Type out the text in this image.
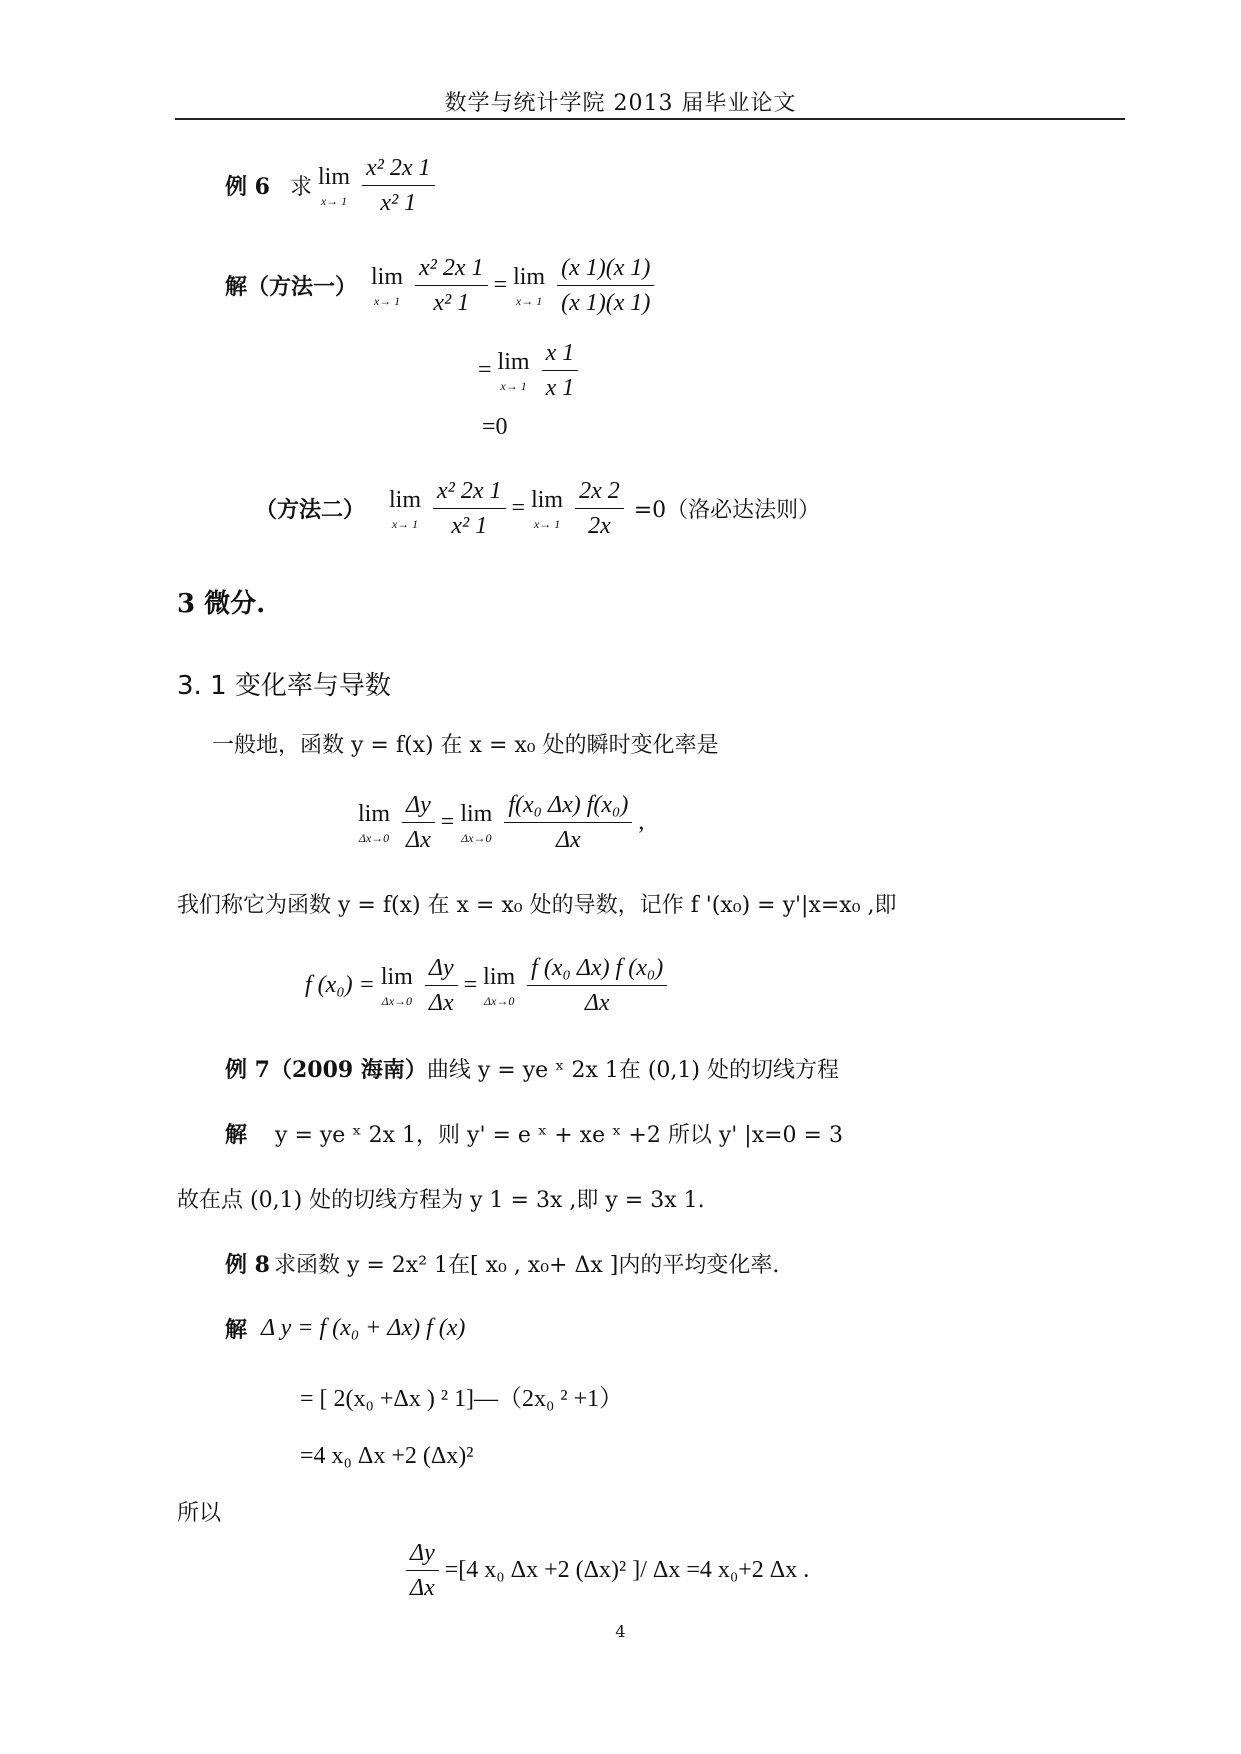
数学与统计学院 2013 届毕业论文
例 6 求 lim
$x\to 1 \frac{\text{x² 2x 1}}{\text{x² 1}}$
解（方法一） lim
$x\to 1 \frac{\text{x² 2x 1}}{\text{x² 1}} = \lim$
$x\to 1 \frac{(x 1)(x 1)}{(x 1)(x 1)}$
= lim
$x\to 1 \frac{x 1}{x 1}$
=0
（方法二） lim
$x\to 1 \frac{\text{x² 2x 1}}{\text{x² 1}} = \lim$
$x\to 1 \frac{2x 2}{2x} =0$（洛必达法则）
3 微分.
3. 1 变化率与导数
一般地，函数 y = f(x) 在 x = x₀ 处的瞬时变化率是
lim
$\Delta x\to 0 \frac{\Delta y}{\Delta x} = \lim$
$\Delta x\to 0 \frac{\text{f(x₀ Δx) f(x₀)}}{\Delta x}$ ,
我们称它为函数 y = f(x) 在 x = x₀ 处的导数，记作 f '(x₀) = y'|x=x₀ ,即
f (x₀) = lim
$\Delta x\to 0 \frac{\Delta y}{\Delta x} = \lim$
$\Delta x\to 0 \frac{\text{f (x₀ Δx) f (x₀)}}{\Delta x}$
例 7（2009 海南） 曲线 y = ye ˣ 2x 1在 (0,1) 处的切线方程
解 y = ye ˣ 2x 1，则 y' = e ˣ + xe ˣ +2 所以 y' |x=0 = 3
故在点 (0,1) 处的切线方程为 y 1 = 3x ,即 y = 3x 1.
例 8 求函数 y = 2x² 1在[ x₀ , x₀+ Δx ]内的平均变化率.
解 Δ y = f (x₀ + Δx) f (x)
= [ 2(x₀ +Δx ) ² 1]—（2x₀ ² +1）
=4 x₀ Δx +2 (Δx)²
所以
$\frac{\Delta y}{\Delta x} =[4$ x₀ Δx +2 (Δx)² ]/ Δx =4 x₀+2 Δx .
4
